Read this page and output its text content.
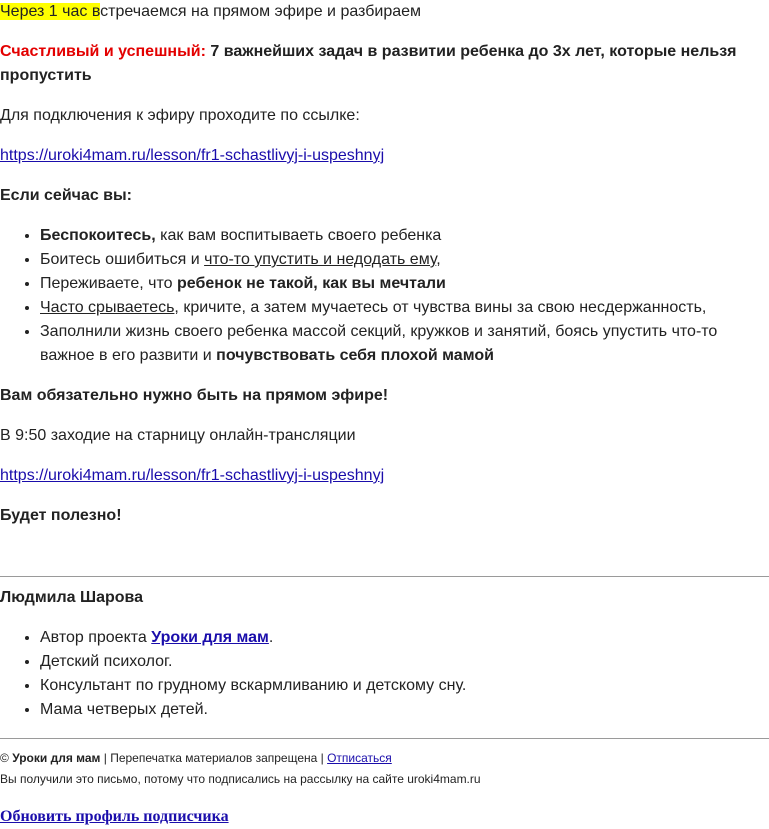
Через 1 час встречаемся на прямом эфире и разбираем

Счастливый и успешный: 7 важнейших задач в развитии ребенка до 3х лет, которые нельзя пропустить

Для подключения к эфиру проходите по ссылке:

https://uroki4mam.ru/lesson/fr1-schastlivyj-i-uspeshnyj

Если сейчас вы:

• Беспокоитесь, как вам воспитываеть своего ребенка
• Боитесь ошибиться и что-то упустить и недодать ему,
• Переживаете, что ребенок не такой, как вы мечтали
• Часто срываетесь, кричите, а затем мучаетесь от чувства вины за свою несдержанность,
• Заполнили жизнь своего ребенка массой секций, кружков и занятий, боясь упустить что-то важное в его развити и почувствовать себя плохой мамой

Вам обязательно нужно быть на прямом эфире!

В 9:50 заходие на старницу онлайн-трансляции

https://uroki4mam.ru/lesson/fr1-schastlivyj-i-uspeshnyj

Будет полезно!

Людмила Шарова

• Автор проекта Уроки для мам.
• Детский психолог.
• Консультант по грудному вскармливанию и детскому сну.
• Мама четверых детей.

© Уроки для мам | Перепечатка материалов запрещена | Отписаться

Вы получили это письмо, потому что подписались на рассылку на сайте uroki4mam.ru

Обновить профиль подписчика
